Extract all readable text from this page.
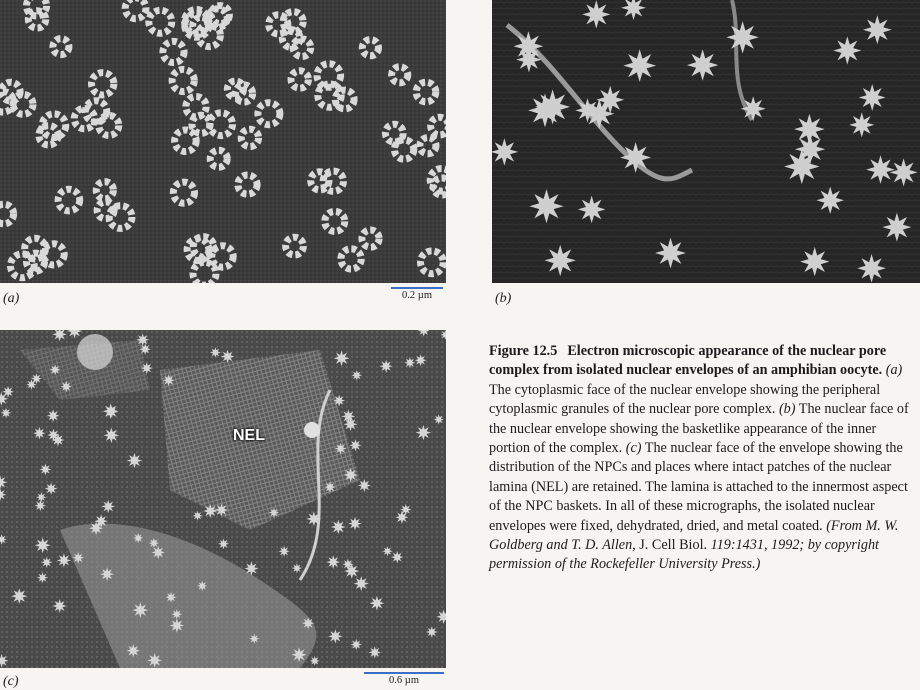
(a)	0.2 µm	(b)
NEL
(c)	0.6 µm
Figure 12.5 Electron microscopic appearance of the nuclear pore complex from isolated nuclear envelopes of an amphibian oocyte. (a) The cytoplasmic face of the nuclear envelope showing the peripheral cytoplasmic granules of the nuclear pore complex. (b) The nuclear face of the nuclear envelope showing the basketlike appearance of the inner portion of the complex. (c) The nuclear face of the envelope showing the distribution of the NPCs and places where intact patches of the nuclear lamina (NEL) are retained. The lamina is attached to the innermost aspect of the NPC baskets. In all of these micrographs, the isolated nuclear envelopes were fixed, dehydrated, dried, and metal coated. (From M. W. Goldberg and T. D. Allen, J. Cell Biol. 119:1431, 1992; by copyright permission of the Rockefeller University Press.)
